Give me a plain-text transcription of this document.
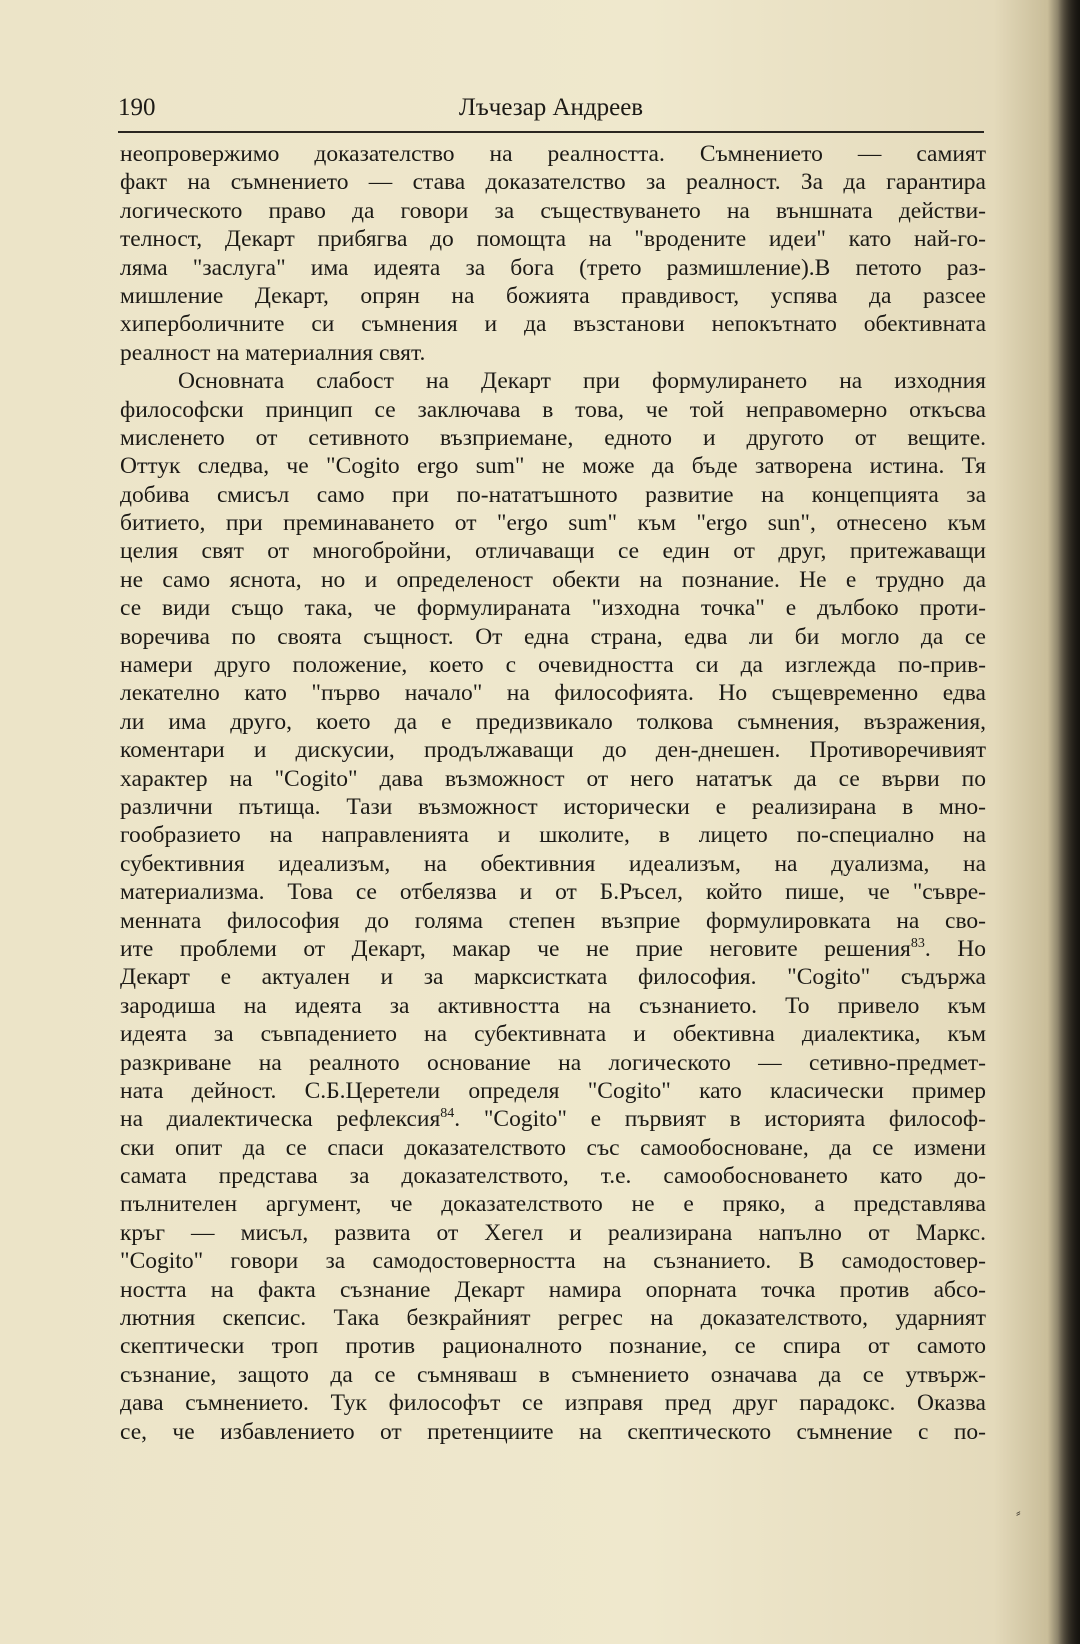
190	Лъчезар Андреев
неопровержимо доказателство на реалността. Съмнението — самият
факт на съмнението — става доказателство за реалност. За да гарантира
логическото право да говори за съществуването на външната действи-
телност, Декарт прибягва до помощта на "вродените идеи" като най-го-
ляма "заслуга" има идеята за бога (трето размишление).В петото раз-
мишление Декарт, опрян на божията правдивост, успява да разсее
хиперболичните си съмнения и да възстанови непокътнато обективната
реалност на материалния свят.
Основната слабост на Декарт при формулирането на изходния
философски принцип се заключава в това, че той неправомерно откъсва
мисленето от сетивното възприемане, едното и другото от вещите.
Оттук следва, че "Cogito ergo sum" не може да бъде затворена истина. Тя
добива смисъл само при по-нататъшното развитие на концепцията за
битието, при преминаването от "ergo sum" към "ergo sun", отнесено към
целия свят от многобройни, отличаващи се един от друг, притежаващи
не само яснота, но и определеност обекти на познание. Не е трудно да
се види също така, че формулираната "изходна точка" е дълбоко проти-
воречива по своята същност. От една страна, едва ли би могло да се
намери друго положение, което с очевидността си да изглежда по-прив-
лекателно като "първо начало" на философията. Но същевременно едва
ли има друго, което да е предизвикало толкова съмнения, възражения,
коментари и дискусии, продължаващи до ден-днешен. Противоречивият
характер на "Cogito" дава възможност от него нататък да се върви по
различни пътища. Тази възможност исторически е реализирана в мно-
гообразието на направленията и школите, в лицето по-специално на
субективния идеализъм, на обективния идеализъм, на дуализма, на
материализма. Това се отбелязва и от Б.Ръсел, който пише, че "съвре-
менната философия до голяма степен възприе формулировката на сво-
ите проблеми от Декарт, макар че не прие неговите решения$^{83}$. Но
Декарт е актуален и за марксистката философия. "Cogito" съдържа
зародиша на идеята за активността на съзнанието. То привело към
идеята за съвпадението на субективната и обективна диалектика, към
разкриване на реалното основание на логическото — сетивно-предмет-
ната дейност. С.Б.Церетели определя "Cogito" като класически пример
на диалектическа рефлексия$^{84}$. "Cogito" е първият в историята философ-
ски опит да се спаси доказателството със самообосноване, да се измени
самата представа за доказателството, т.е. самообосноването като до-
пълнителен аргумент, че доказателството не е пряко, а представлява
кръг — мисъл, развита от Хегел и реализирана напълно от Маркс.
"Cogito" говори за самодостоверността на съзнанието. В самодостовер-
ността на факта съзнание Декарт намира опорната точка против абсо-
лютния скепсис. Така безкрайният регрес на доказателството, ударният
скептически троп против рационалното познание, се спира от самото
съзнание, защото да се съмняваш в съмнението означава да се утвърж-
дава съмнението. Тук философът се изправя пред друг парадокс. Оказва
се, че избавлението от претенциите на скептическото съмнение с по-
⸗
